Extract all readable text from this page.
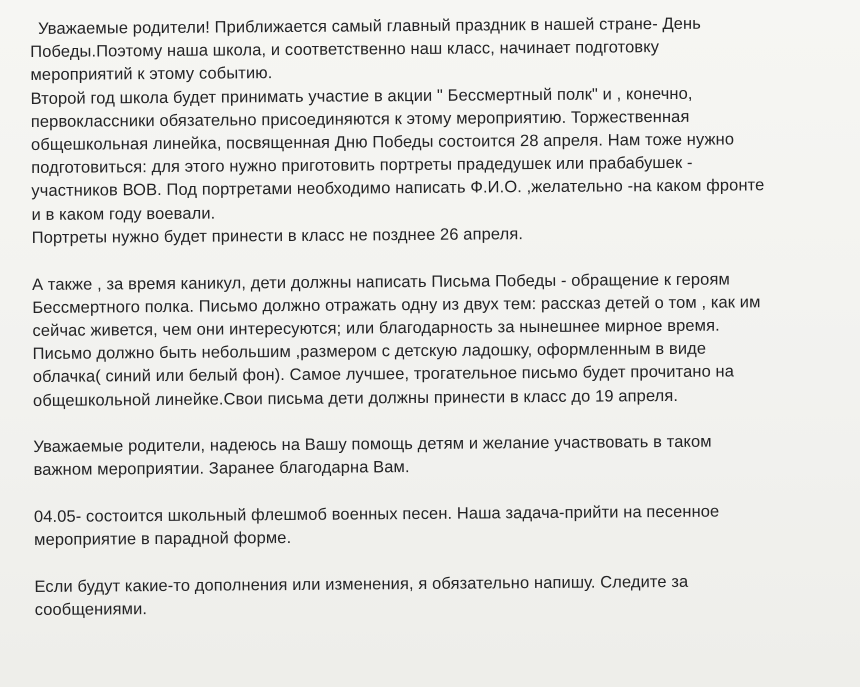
Уважаемые родители! Приближается самый главный праздник в нашей стране- День
Победы.Поэтому наша школа, и соответственно наш класс, начинает подготовку
мероприятий к этому событию.
Второй год школа будет принимать участие в акции " Бессмертный полк" и , конечно,
первоклассники обязательно присоединяются к этому мероприятию. Торжественная
общешкольная линейка, посвященная Дню Победы состоится 28 апреля. Нам тоже нужно
подготовиться: для этого нужно приготовить портреты прадедушек или прабабушек -
участников ВОВ. Под портретами необходимо написать Ф.И.О. ,желательно -на каком фронте
и в каком году воевали.
Портреты нужно будет принести в класс не позднее 26 апреля.
А также , за время каникул, дети должны написать Письма Победы - обращение к героям
Бессмертного полка. Письмо должно отражать одну из двух тем: рассказ детей о том , как им
сейчас живется, чем они интересуются; или благодарность за нынешнее мирное время.
Письмо должно быть небольшим ,размером с детскую ладошку, оформленным в виде
облачка( синий или белый фон). Самое лучшее, трогательное письмо будет прочитано на
общешкольной линейке.Свои письма дети должны принести в класс до 19 апреля.
Уважаемые родители, надеюсь на Вашу помощь детям и желание участвовать в таком
важном мероприятии. Заранее благодарна Вам.
04.05- состоится школьный флешмоб военных песен. Наша задача-прийти на песенное
мероприятие в парадной форме.
Если будут какие-то дополнения или изменения, я обязательно напишу. Следите за
сообщениями.
